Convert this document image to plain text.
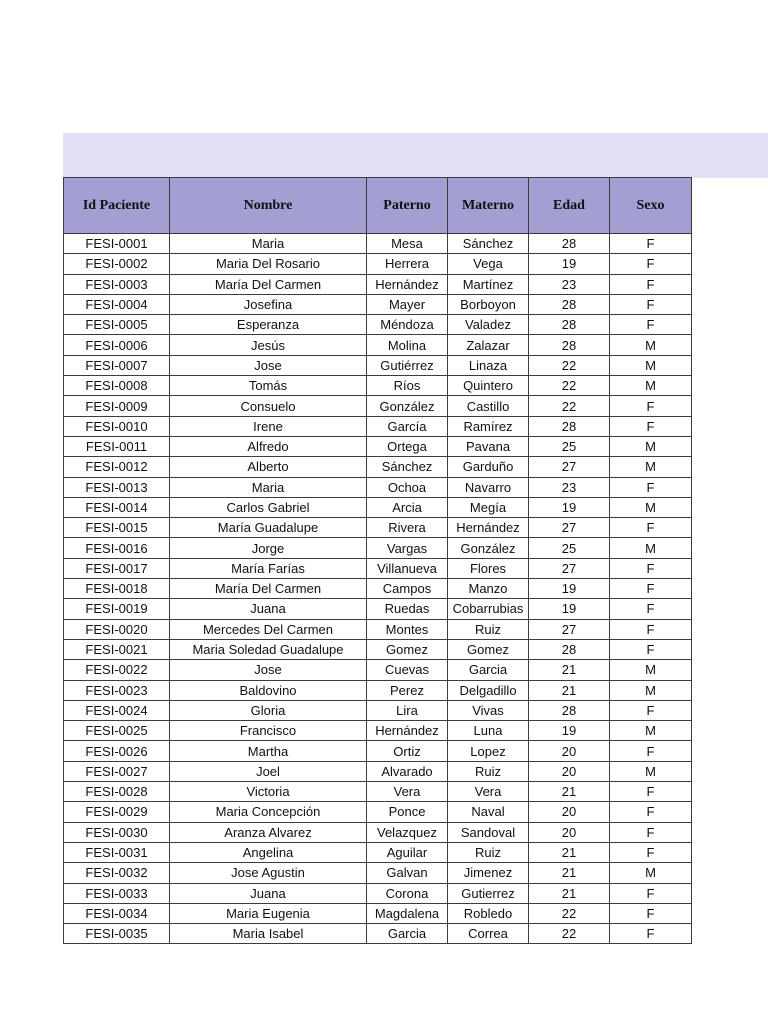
Id Paciente	Nombre	Paterno	Materno	Edad	Sexo
FESI-0001	Maria	Mesa	Sánchez	28	F
FESI-0002	Maria Del Rosario	Herrera	Vega	19	F
FESI-0003	María Del Carmen	Hernández	Martínez	23	F
FESI-0004	Josefina	Mayer	Borboyon	28	F
FESI-0005	Esperanza	Méndoza	Valadez	28	F
FESI-0006	Jesús	Molina	Zalazar	28	M
FESI-0007	Jose	Gutiérrez	Linaza	22	M
FESI-0008	Tomás	Ríos	Quintero	22	M
FESI-0009	Consuelo	González	Castillo	22	F
FESI-0010	Irene	García	Ramírez	28	F
FESI-0011	Alfredo	Ortega	Pavana	25	M
FESI-0012	Alberto	Sánchez	Garduño	27	M
FESI-0013	Maria	Ochoa	Navarro	23	F
FESI-0014	Carlos Gabriel	Arcia	Megía	19	M
FESI-0015	María Guadalupe	Rivera	Hernández	27	F
FESI-0016	Jorge	Vargas	González	25	M
FESI-0017	María Farías	Villanueva	Flores	27	F
FESI-0018	María Del Carmen	Campos	Manzo	19	F
FESI-0019	Juana	Ruedas	Cobarrubias	19	F
FESI-0020	Mercedes Del Carmen	Montes	Ruiz	27	F
FESI-0021	Maria Soledad Guadalupe	Gomez	Gomez	28	F
FESI-0022	Jose	Cuevas	Garcia	21	M
FESI-0023	Baldovino	Perez	Delgadillo	21	M
FESI-0024	Gloria	Lira	Vivas	28	F
FESI-0025	Francisco	Hernández	Luna	19	M
FESI-0026	Martha	Ortiz	Lopez	20	F
FESI-0027	Joel	Alvarado	Ruiz	20	M
FESI-0028	Victoria	Vera	Vera	21	F
FESI-0029	Maria Concepción	Ponce	Naval	20	F
FESI-0030	Aranza Alvarez	Velazquez	Sandoval	20	F
FESI-0031	Angelina	Aguilar	Ruiz	21	F
FESI-0032	Jose Agustin	Galvan	Jimenez	21	M
FESI-0033	Juana	Corona	Gutierrez	21	F
FESI-0034	Maria Eugenia	Magdalena	Robledo	22	F
FESI-0035	Maria Isabel	Garcia	Correa	22	F
